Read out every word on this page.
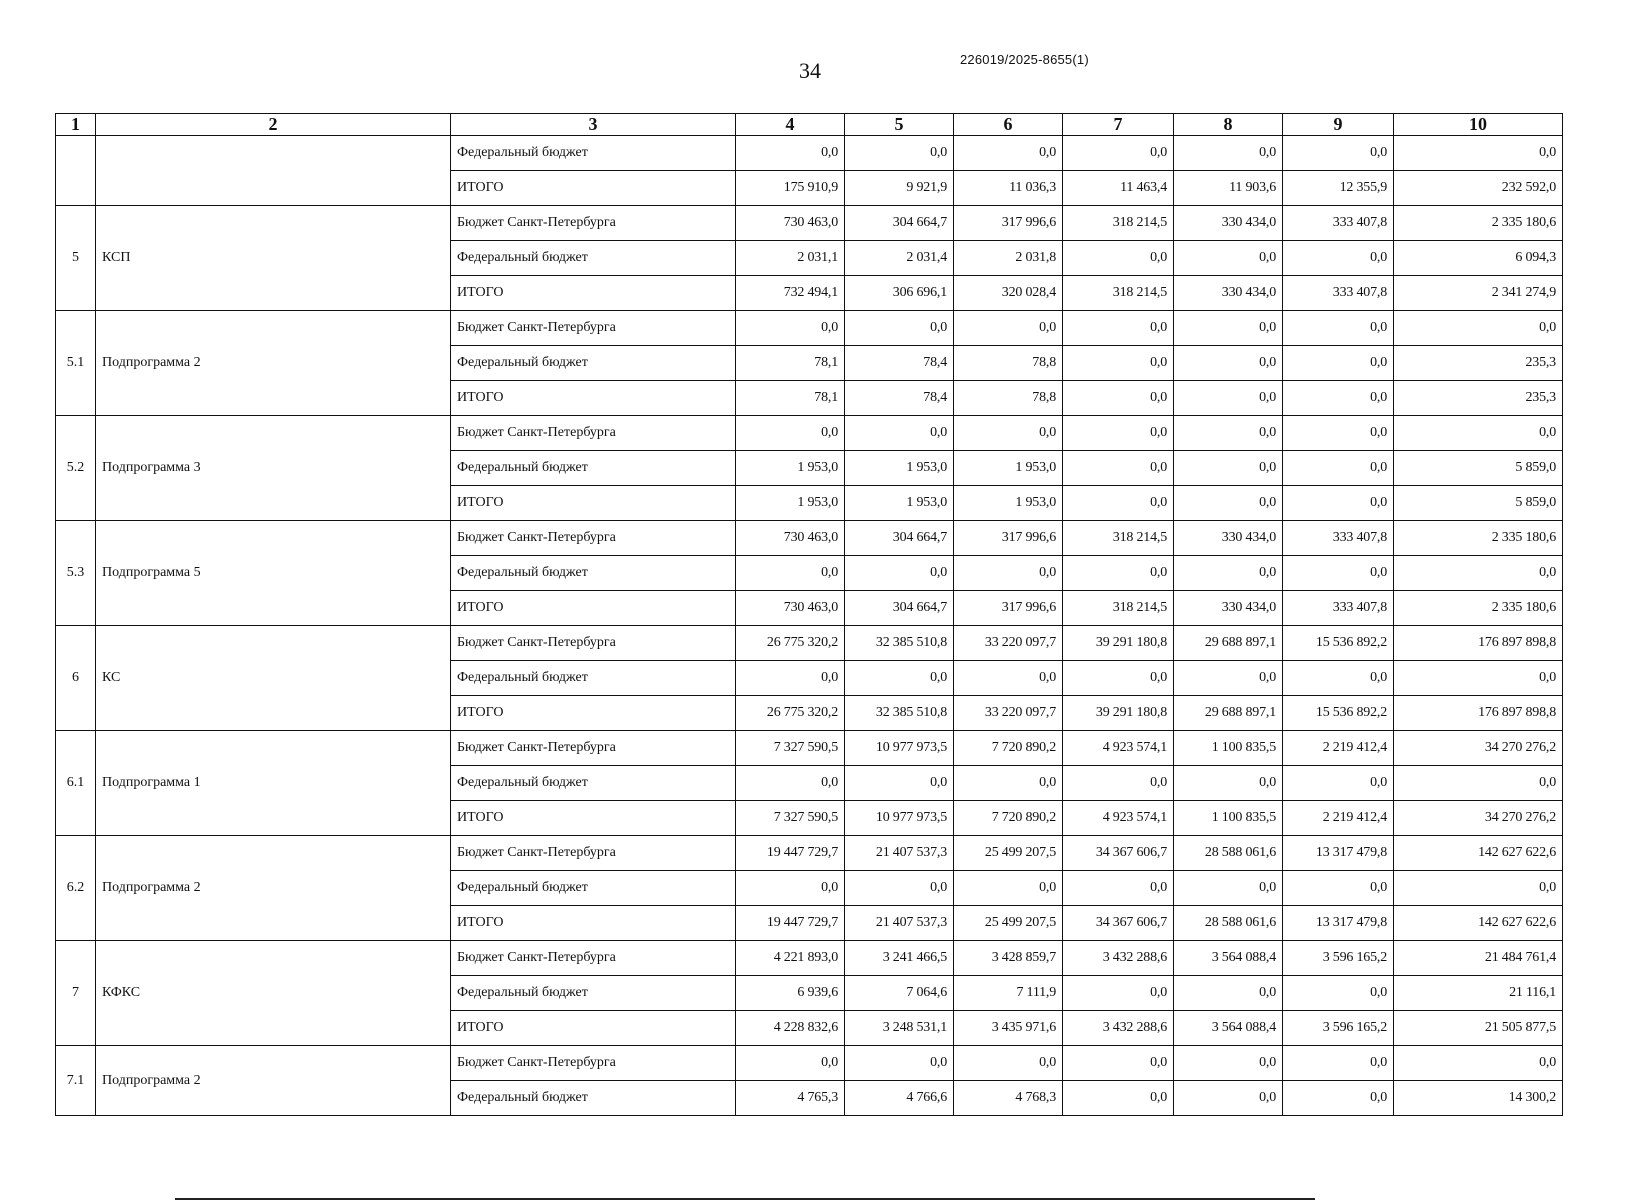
34	226019/2025-8655(1)
1	2	3	4	5	6	7	8	9	10
		Федеральный бюджет	0,0	0,0	0,0	0,0	0,0	0,0	0,0
		ИТОГО	175 910,9	9 921,9	11 036,3	11 463,4	11 903,6	12 355,9	232 592,0
5	КСП	Бюджет Санкт-Петербурга	730 463,0	304 664,7	317 996,6	318 214,5	330 434,0	333 407,8	2 335 180,6
		Федеральный бюджет	2 031,1	2 031,4	2 031,8	0,0	0,0	0,0	6 094,3
		ИТОГО	732 494,1	306 696,1	320 028,4	318 214,5	330 434,0	333 407,8	2 341 274,9
5.1	Подпрограмма 2	Бюджет Санкт-Петербурга	0,0	0,0	0,0	0,0	0,0	0,0	0,0
		Федеральный бюджет	78,1	78,4	78,8	0,0	0,0	0,0	235,3
		ИТОГО	78,1	78,4	78,8	0,0	0,0	0,0	235,3
5.2	Подпрограмма 3	Бюджет Санкт-Петербурга	0,0	0,0	0,0	0,0	0,0	0,0	0,0
		Федеральный бюджет	1 953,0	1 953,0	1 953,0	0,0	0,0	0,0	5 859,0
		ИТОГО	1 953,0	1 953,0	1 953,0	0,0	0,0	0,0	5 859,0
5.3	Подпрограмма 5	Бюджет Санкт-Петербурга	730 463,0	304 664,7	317 996,6	318 214,5	330 434,0	333 407,8	2 335 180,6
		Федеральный бюджет	0,0	0,0	0,0	0,0	0,0	0,0	0,0
		ИТОГО	730 463,0	304 664,7	317 996,6	318 214,5	330 434,0	333 407,8	2 335 180,6
6	КС	Бюджет Санкт-Петербурга	26 775 320,2	32 385 510,8	33 220 097,7	39 291 180,8	29 688 897,1	15 536 892,2	176 897 898,8
		Федеральный бюджет	0,0	0,0	0,0	0,0	0,0	0,0	0,0
		ИТОГО	26 775 320,2	32 385 510,8	33 220 097,7	39 291 180,8	29 688 897,1	15 536 892,2	176 897 898,8
6.1	Подпрограмма 1	Бюджет Санкт-Петербурга	7 327 590,5	10 977 973,5	7 720 890,2	4 923 574,1	1 100 835,5	2 219 412,4	34 270 276,2
		Федеральный бюджет	0,0	0,0	0,0	0,0	0,0	0,0	0,0
		ИТОГО	7 327 590,5	10 977 973,5	7 720 890,2	4 923 574,1	1 100 835,5	2 219 412,4	34 270 276,2
6.2	Подпрограмма 2	Бюджет Санкт-Петербурга	19 447 729,7	21 407 537,3	25 499 207,5	34 367 606,7	28 588 061,6	13 317 479,8	142 627 622,6
		Федеральный бюджет	0,0	0,0	0,0	0,0	0,0	0,0	0,0
		ИТОГО	19 447 729,7	21 407 537,3	25 499 207,5	34 367 606,7	28 588 061,6	13 317 479,8	142 627 622,6
7	КФКС	Бюджет Санкт-Петербурга	4 221 893,0	3 241 466,5	3 428 859,7	3 432 288,6	3 564 088,4	3 596 165,2	21 484 761,4
		Федеральный бюджет	6 939,6	7 064,6	7 111,9	0,0	0,0	0,0	21 116,1
		ИТОГО	4 228 832,6	3 248 531,1	3 435 971,6	3 432 288,6	3 564 088,4	3 596 165,2	21 505 877,5
7.1	Подпрограмма 2	Бюджет Санкт-Петербурга	0,0	0,0	0,0	0,0	0,0	0,0	0,0
		Федеральный бюджет	4 765,3	4 766,6	4 768,3	0,0	0,0	0,0	14 300,2
